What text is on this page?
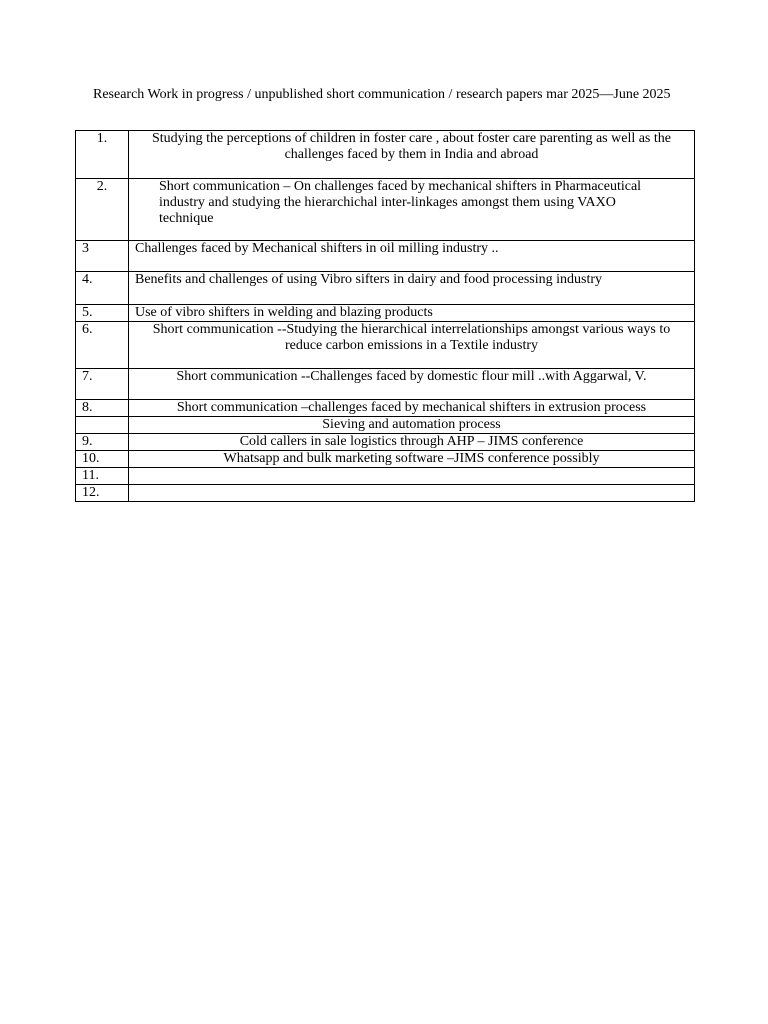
Research Work in progress / unpublished short communication / research papers mar 2025—June 2025
1.	Studying the perceptions of children in foster care , about foster care parenting as well as the challenges faced by them in India and abroad
2.	Short communication – On challenges faced by mechanical shifters in Pharmaceutical industry and studying the hierarchichal inter-linkages amongst them using VAXO technique
3	Challenges faced by Mechanical shifters in oil milling industry ..
4.	Benefits and challenges of using Vibro sifters in dairy and food processing industry
5.	Use of vibro shifters in welding and blazing products
6.	Short communication --Studying the hierarchical interrelationships amongst various ways to reduce carbon emissions in a Textile industry
7.	Short communication --Challenges faced by domestic flour mill ..with Aggarwal, V.
8.	Short communication –challenges faced by mechanical shifters in extrusion process
	Sieving and automation process
9.	Cold callers in sale logistics through AHP – JIMS conference
10.	Whatsapp and bulk marketing software –JIMS conference possibly
11.	
12.	
